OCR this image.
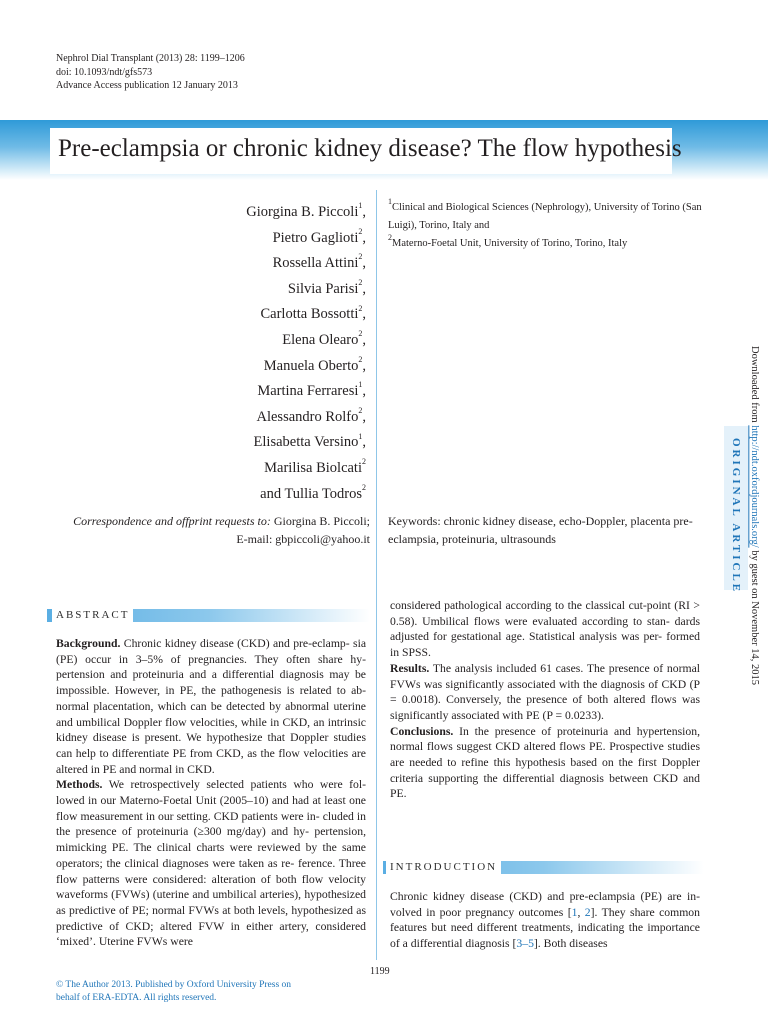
Nephrol Dial Transplant (2013) 28: 1199–1206
doi: 10.1093/ndt/gfs573
Advance Access publication 12 January 2013
Pre-eclampsia or chronic kidney disease? The flow hypothesis
Giorgina B. Piccoli$^1$,
Pietro Gaglioti$^2$,
Rossella Attini$^2$,
Silvia Parisi$^2$,
Carlotta Bossotti$^2$,
Elena Olearo$^2$,
Manuela Oberto$^2$,
Martina Ferraresi$^1$,
Alessandro Rolfo$^2$,
Elisabetta Versino$^1$,
Marilisa Biolcati$^2$
and Tullia Todros$^2$
$^1$Clinical and Biological Sciences (Nephrology), University of Torino (San Luigi), Torino, Italy and
$^2$Materno-Foetal Unit, University of Torino, Torino, Italy
Correspondence and offprint requests to: Giorgina B. Piccoli; E-mail: gbpiccoli@yahoo.it
Keywords: chronic kidney disease, echo-Doppler, placenta pre-eclampsia, proteinuria, ultrasounds
ABSTRACT
Background. Chronic kidney disease (CKD) and pre-eclamp- sia (PE) occur in 3–5% of pregnancies. They often share hy- pertension and proteinuria and a differential diagnosis may be impossible. However, in PE, the pathogenesis is related to ab- normal placentation, which can be detected by abnormal uterine and umbilical Doppler flow velocities, while in CKD, an intrinsic kidney disease is present. We hypothesize that Doppler studies can help to differentiate PE from CKD, as the flow velocities are altered in PE and normal in CKD.
Methods. We retrospectively selected patients who were fol- lowed in our Materno-Foetal Unit (2005–10) and had at least one flow measurement in our setting. CKD patients were in- cluded in the presence of proteinuria (≥300 mg/day) and hy- pertension, mimicking PE. The clinical charts were reviewed by the same operators; the clinical diagnoses were taken as re- ference. Three flow patterns were considered: alteration of both flow velocity waveforms (FVWs) (uterine and umbilical arteries), hypothesized as predictive of PE; normal FVWs at both levels, hypothesized as predictive of CKD; altered FVW in either artery, considered ‘mixed’. Uterine FVWs were
considered pathological according to the classical cut-point (RI > 0.58). Umbilical flows were evaluated according to stan- dards adjusted for gestational age. Statistical analysis was per- formed in SPSS.
Results. The analysis included 61 cases. The presence of normal FVWs was significantly associated with the diagnosis of CKD (P = 0.0018). Conversely, the presence of both altered flows was significantly associated with PE (P = 0.0233).
Conclusions. In the presence of proteinuria and hypertension, normal flows suggest CKD altered flows PE. Prospective studies are needed to refine this hypothesis based on the first Doppler criteria supporting the differential diagnosis between CKD and PE.
INTRODUCTION
Chronic kidney disease (CKD) and pre-eclampsia (PE) are in- volved in poor pregnancy outcomes [1, 2]. They share common features but need different treatments, indicating the importance of a differential diagnosis [3–5]. Both diseases
1199
© The Author 2013. Published by Oxford University Press on
behalf of ERA-EDTA. All rights reserved.
Downloaded from http://ndt.oxfordjournals.org/ by guest on November 14, 2015
ORIGINAL ARTICLE
